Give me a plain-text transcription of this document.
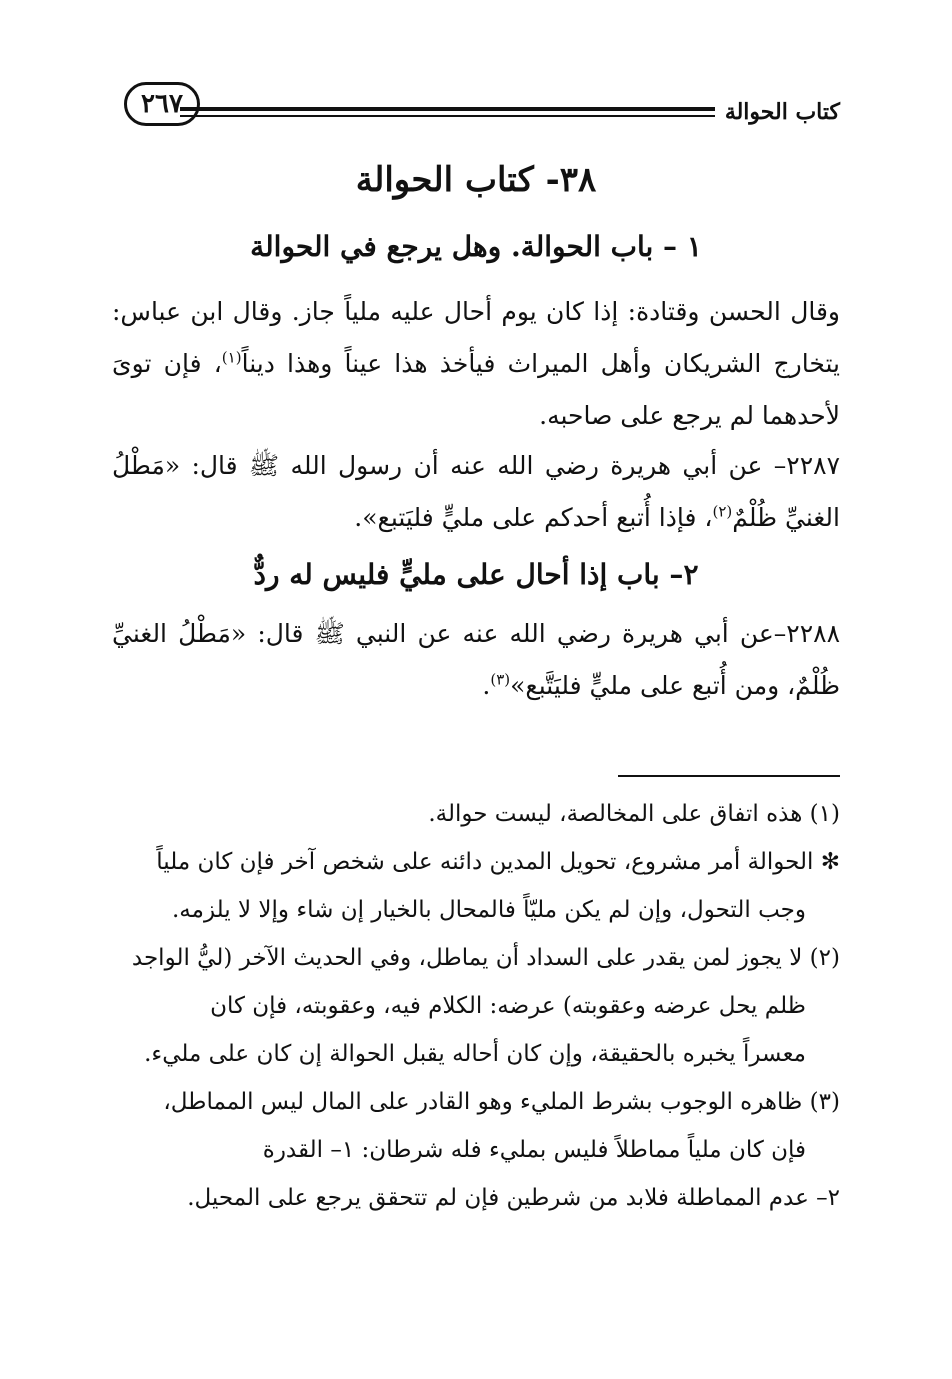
كتاب الحوالة
٢٦٧
٣٨- كتاب الحوالة
١ – باب الحوالة. وهل يرجع في الحوالة
وقال الحسن وقتادة: إذا كان يوم أحال عليه ملياً جاز. وقال ابن عباس: يتخارج الشريكان وأهل الميراث فيأخذ هذا عيناً وهذا ديناً$^{(١)}$، فإن توىَ لأحدهما لم يرجع على صاحبه.
٢٢٨٧– عن أبي هريرة رضي الله عنه أن رسول الله ﷺ قال: «مَطْلُ الغنيِّ ظُلْمٌ$^{(٢)}$، فإذا أُتبع أحدكم على مليٍّ فليَتبع».
٢– باب إذا أحال على مليٍّ فليس له ردٌّ
٢٢٨٨–عن أبي هريرة رضي الله عنه عن النبي ﷺ قال: «مَطْلُ الغنيِّ ظُلْمٌ، ومن أُتبع على مليٍّ فليَتَّبع»$^{(٣)}$.
(١) هذه اتفاق على المخالصة، ليست حوالة.
✻ الحوالة أمر مشروع، تحويل المدين دائنه على شخص آخر فإن كان ملياً
وجب التحول، وإن لم يكن مليّاً فالمحال بالخيار إن شاء وإلا لا يلزمه.
(٢) لا يجوز لمن يقدر على السداد أن يماطل، وفي الحديث الآخر (ليُّ الواجد
ظلم يحل عرضه وعقوبته) عرضه: الكلام فيه، وعقوبته، فإن كان
معسراً يخبره بالحقيقة، وإن كان أحاله يقبل الحوالة إن كان على مليء.
(٣) ظاهره الوجوب بشرط المليء وهو القادر على المال ليس المماطل،
فإن كان ملياً مماطلاً فليس بمليء فله شرطان: ١– القدرة
٢– عدم المماطلة فلابد من شرطين فإن لم تتحقق يرجع على المحيل.
